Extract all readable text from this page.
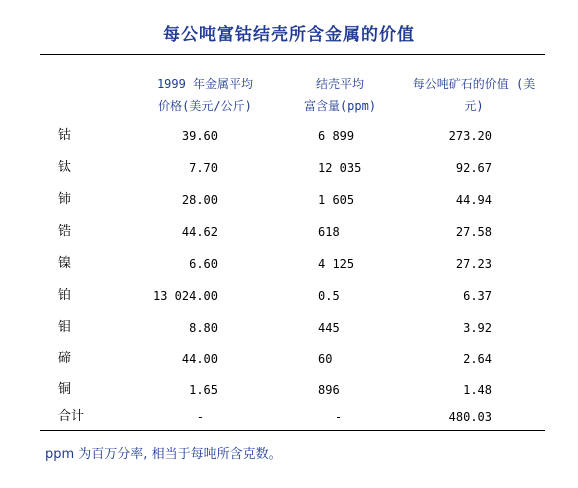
每公吨富钴结壳所含金属的价值
1999 年金属平均
价格(美元/公斤)
结壳平均
富含量(ppm)
每公吨矿石的价值 (美
元)
钴	39.60	6 899	273.20
钛	7.70	12 035	92.67
铈	28.00	1 605	44.94
锆	44.62	618	27.58
镍	6.60	4 125	27.23
铂	13 024.00	0.5	6.37
钼	8.80	445	3.92
碲	44.00	60	2.64
铜	1.65	896	1.48
合计	-	-	480.03
ppm 为百万分率, 相当于每吨所含克数。
